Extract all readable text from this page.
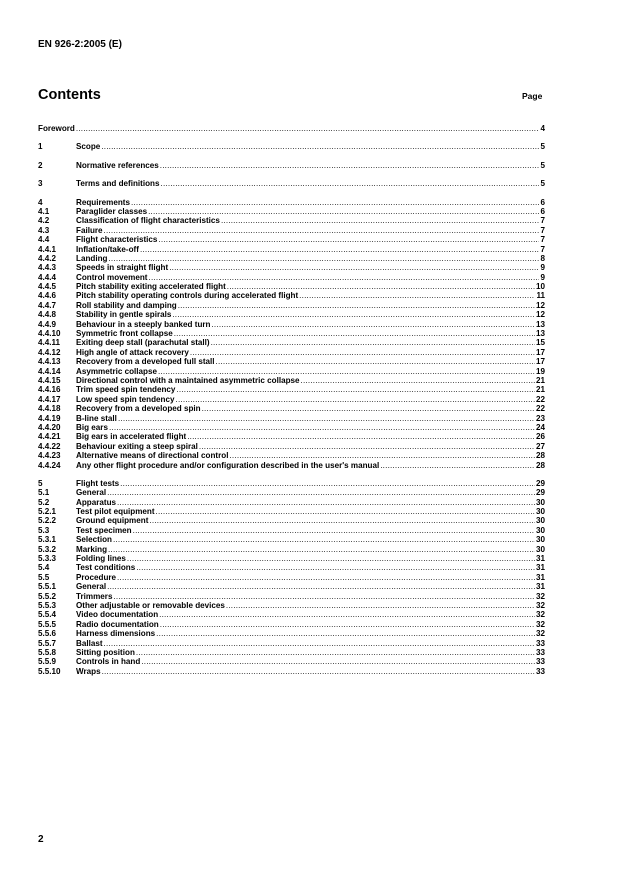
EN 926-2:2005 (E)
Contents	Page
Foreword .....	4
1	Scope .....	5
2	Normative references .....	5
3	Terms and definitions .....	5
4	Requirements .....	6
4.1	Paraglider classes .....	6
4.2	Classification of flight characteristics .....	7
4.3	Failure .....	7
4.4	Flight characteristics .....	7
4.4.1	Inflation/take-off .....	7
4.4.2	Landing .....	8
4.4.3	Speeds in straight flight .....	9
4.4.4	Control movement .....	9
4.4.5	Pitch stability exiting accelerated flight .....	10
4.4.6	Pitch stability operating controls during accelerated flight .....	11
4.4.7	Roll stability and damping .....	12
4.4.8	Stability in gentle spirals .....	12
4.4.9	Behaviour in a steeply banked turn .....	13
4.4.10	Symmetric front collapse .....	13
4.4.11	Exiting deep stall (parachutal stall) .....	15
4.4.12	High angle of attack recovery .....	17
4.4.13	Recovery from a developed full stall .....	17
4.4.14	Asymmetric collapse .....	19
4.4.15	Directional control with a maintained asymmetric collapse .....	21
4.4.16	Trim speed spin tendency .....	21
4.4.17	Low speed spin tendency .....	22
4.4.18	Recovery from a developed spin .....	22
4.4.19	B-line stall .....	23
4.4.20	Big ears .....	24
4.4.21	Big ears in accelerated flight .....	26
4.4.22	Behaviour exiting a steep spiral .....	27
4.4.23	Alternative means of directional control .....	28
4.4.24	Any other flight procedure and/or configuration described in the user's manual .....	28
5	Flight tests .....	29
5.1	General .....	29
5.2	Apparatus .....	30
5.2.1	Test pilot equipment .....	30
5.2.2	Ground equipment .....	30
5.3	Test specimen .....	30
5.3.1	Selection .....	30
5.3.2	Marking .....	30
5.3.3	Folding lines .....	31
5.4	Test conditions .....	31
5.5	Procedure .....	31
5.5.1	General .....	31
5.5.2	Trimmers .....	32
5.5.3	Other adjustable or removable devices .....	32
5.5.4	Video documentation .....	32
5.5.5	Radio documentation .....	32
5.5.6	Harness dimensions .....	32
5.5.7	Ballast .....	33
5.5.8	Sitting position .....	33
5.5.9	Controls in hand .....	33
5.5.10	Wraps .....	33
2
